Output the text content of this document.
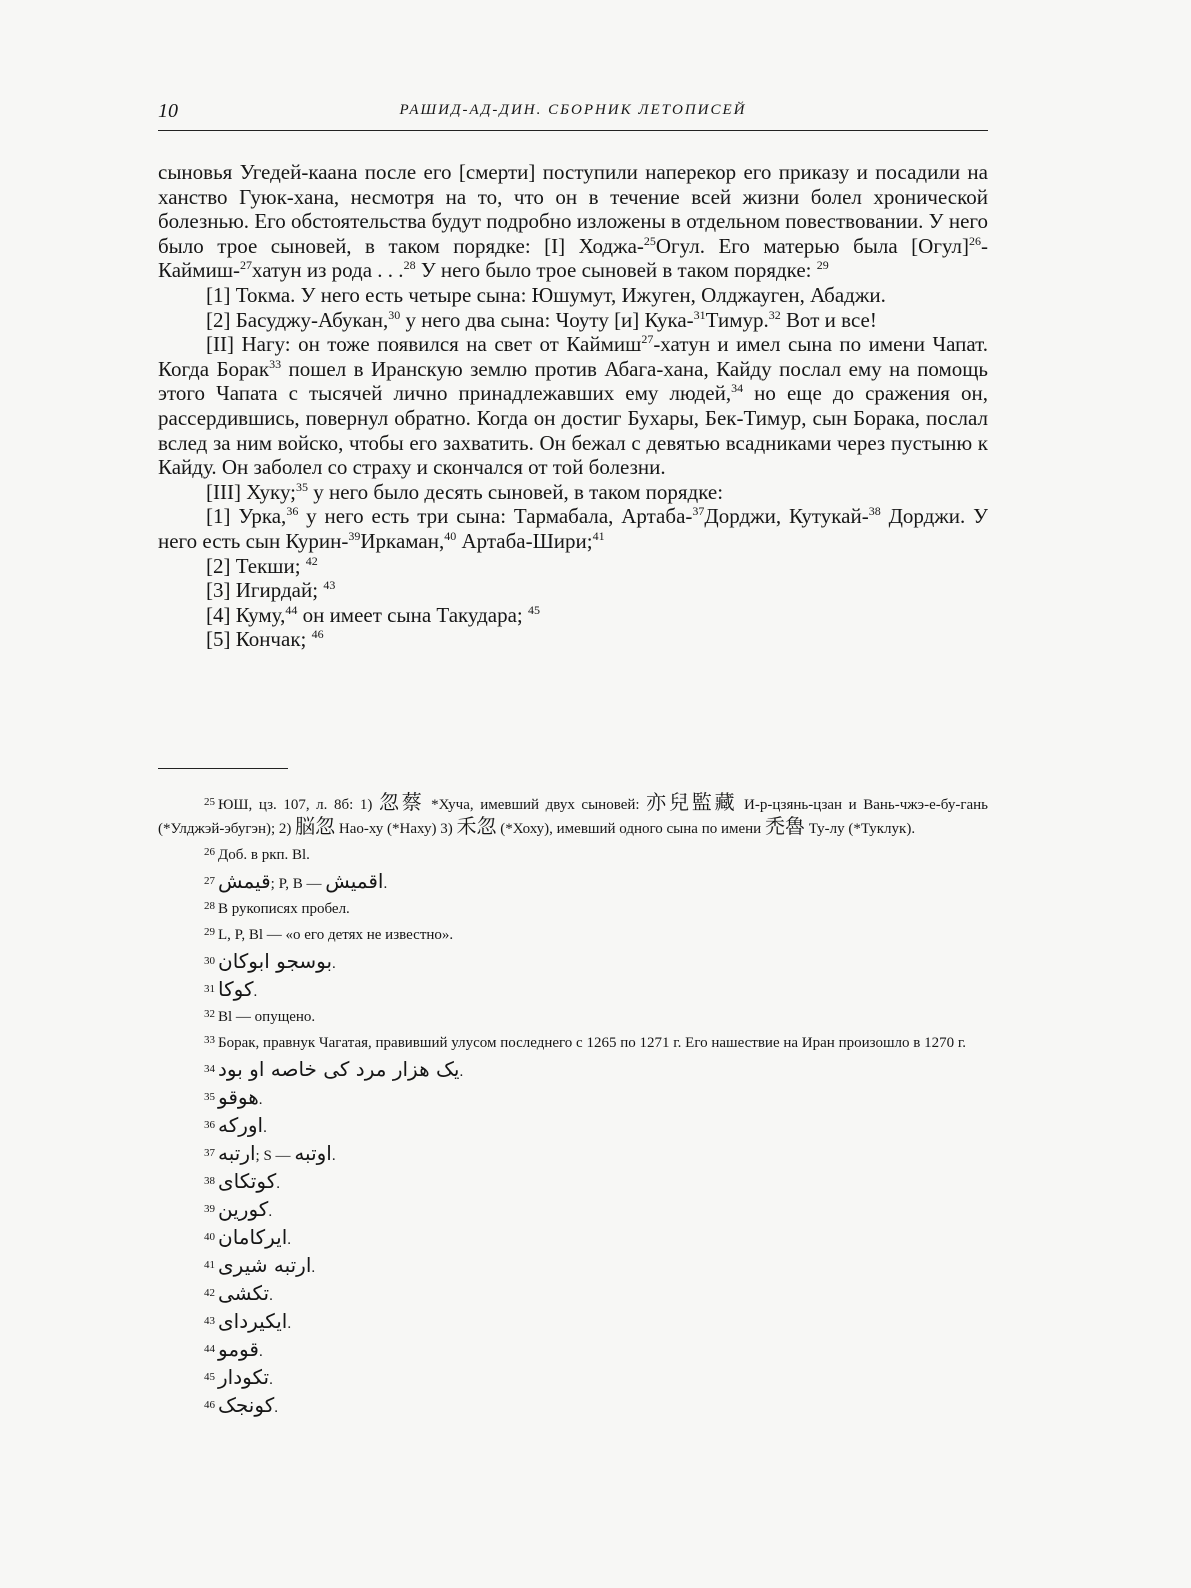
10	РАШИД-АД-ДИН. СБОРНИК ЛЕТОПИСЕЙ

сыновья Угедей-каана после его [смерти] поступили наперекор его приказу и посадили на ханство Гуюк-хана, несмотря на то, что он в течение всей жизни болел хронической болезнью. Его обстоятельства будут подробно изложены в отдельном повествовании. У него было трое сыновей, в таком порядке: [I] Ходжа-$^{25}$Огул. Его матерью была [Огул]$^{26}$-Каймиш-$^{27}$хатун из рода . . .$^{28}$ У него было трое сыновей в таком порядке: $^{29}$

[1] Токма. У него есть четыре сына: Юшумут, Ижуген, Олджауген, Абаджи.

[2] Басуджу-Абукан,$^{30}$ у него два сына: Чоуту [и] Кука-$^{31}$Тимур.$^{32}$ Вот и все!

[II] Нагу: он тоже появился на свет от Каймиш$^{27}$-хатун и имел сына по имени Чапат. Когда Борак$^{33}$ пошел в Иранскую землю против Абага-хана, Кайду послал ему на помощь этого Чапата с тысячей лично принадлежавших ему людей,$^{34}$ но еще до сражения он, рассердившись, повернул обратно. Когда он достиг Бухары, Бек-Тимур, сын Борака, послал вслед за ним войско, чтобы его захватить. Он бежал с девятью всадниками через пустыню к Кайду. Он заболел со страху и скончался от той болезни.

[III] Хуку;$^{35}$ у него было десять сыновей, в таком порядке:

[1] Урка,$^{36}$ у него есть три сына: Тармабала, Артаба-$^{37}$Дорджи, Кутукай-$^{38}$ Дорджи. У него есть сын Курин-$^{39}$Иркаман,$^{40}$ Артаба-Шири;$^{41}$

[2] Текши; $^{42}$

[3] Игирдай; $^{43}$

[4] Куму,$^{44}$ он имеет сына Такудара; $^{45}$

[5] Кончак; $^{46}$

$^{25}$ ЮШ, цз. 107, л. 8б: 1) 忽蔡 *Хуча, имевший двух сыновей: 亦兒監藏 И-р-цзянь-цзан и Вань-чжэ-е-бу-гань (*Улджэй-эбугэн); 2) 脳忽 Нао-ху (*Наху) 3) 禾忽 (*Хоху), имевший одного сына по имени 禿魯 Ту-лу (*Туклук).

$^{26}$ Доб. в ркп. Bl.

$^{27}$ قیمش; P, B — اقمیش.

$^{28}$ В рукописях пробел.

$^{29}$ L, P, Bl — «о его детях не известно».

$^{30}$ بوسجو ابوکان.
$^{31}$ کوکا.

$^{32}$ Bl — опущено.

$^{33}$ Борак, правнук Чагатая, правивший улусом последнего с 1265 по 1271 г. Его нашествие на Иран произошло в 1270 г.

$^{34}$ یک هزار مرد کی خاصه او بود.
$^{35}$ هوقو.
$^{36}$ اورکه.
$^{37}$ ارتبه; S — اوتبه.
$^{38}$ کوتکای.
$^{39}$ کورین.
$^{40}$ ایرکامان.
$^{41}$ ارتبه شیری.
$^{42}$ تکشی.
$^{43}$ ایکیردای.
$^{44}$ قومو.
$^{45}$ تکودار.
$^{46}$ کونجک.
